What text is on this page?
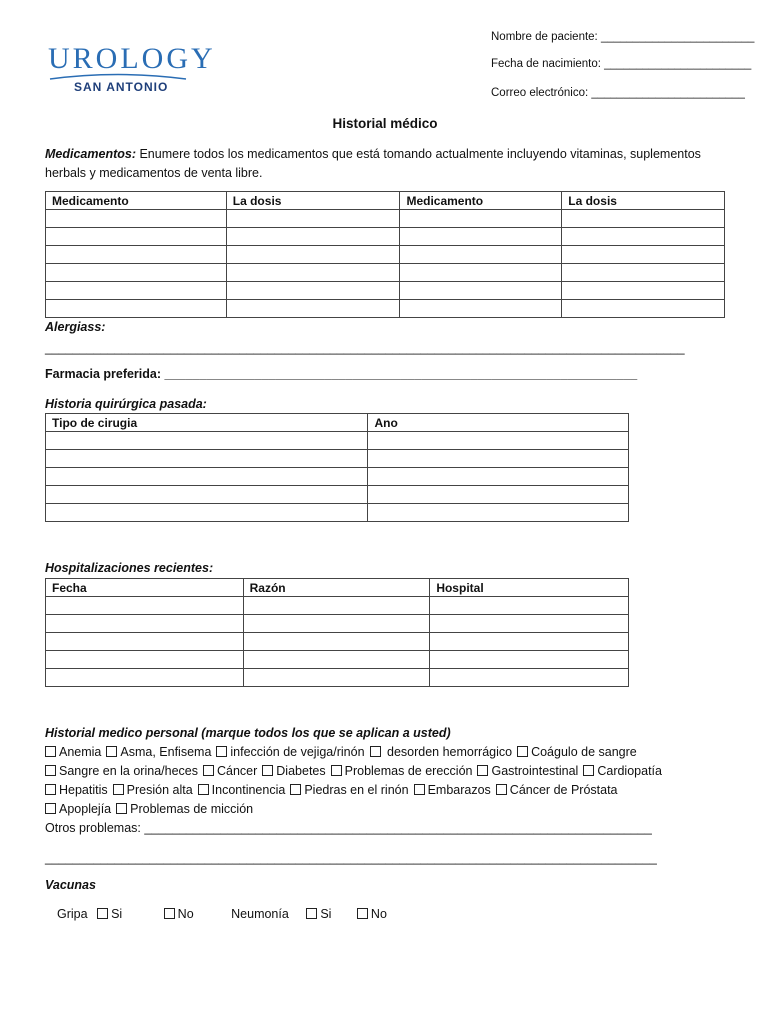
UROLOGY
SAN ANTONIO
Nombre de paciente: ________________________
Fecha de nacimiento: _______________________
Correo electrónico: ________________________
Historial médico
Medicamentos: Enumere todos los medicamentos que está tomando actualmente incluyendo vitaminas, suplementos herbals y medicamentos de venta libre.
Medicamento	La dosis	Medicamento	La dosis

Alergiass:
____________________________________________________________________________________________
Farmacia preferida: ____________________________________________________________________
Historia quirúrgica pasada:
Tipo de cirugia	Ano

Hospitalizaciones recientes:
Fecha	Razón	Hospital

Historial medico personal (marque todos los que se aplican a usted)
Anemia Asma, Enfisema infección de vejiga/rinón desorden hemorrágico Coágulo de sangre
Sangre en la orina/heces Cáncer Diabetes Problemas de erección Gastrointestinal Cardiopatía
Hepatitis Presión alta Incontinencia Piedras en el rinón Embarazos Cáncer de Próstata
Apoplejía Problemas de micción
Otros problemas: _________________________________________________________________________
________________________________________________________________________________________
Vacunas
Gripa Si	No	Neumonía	Si	No
